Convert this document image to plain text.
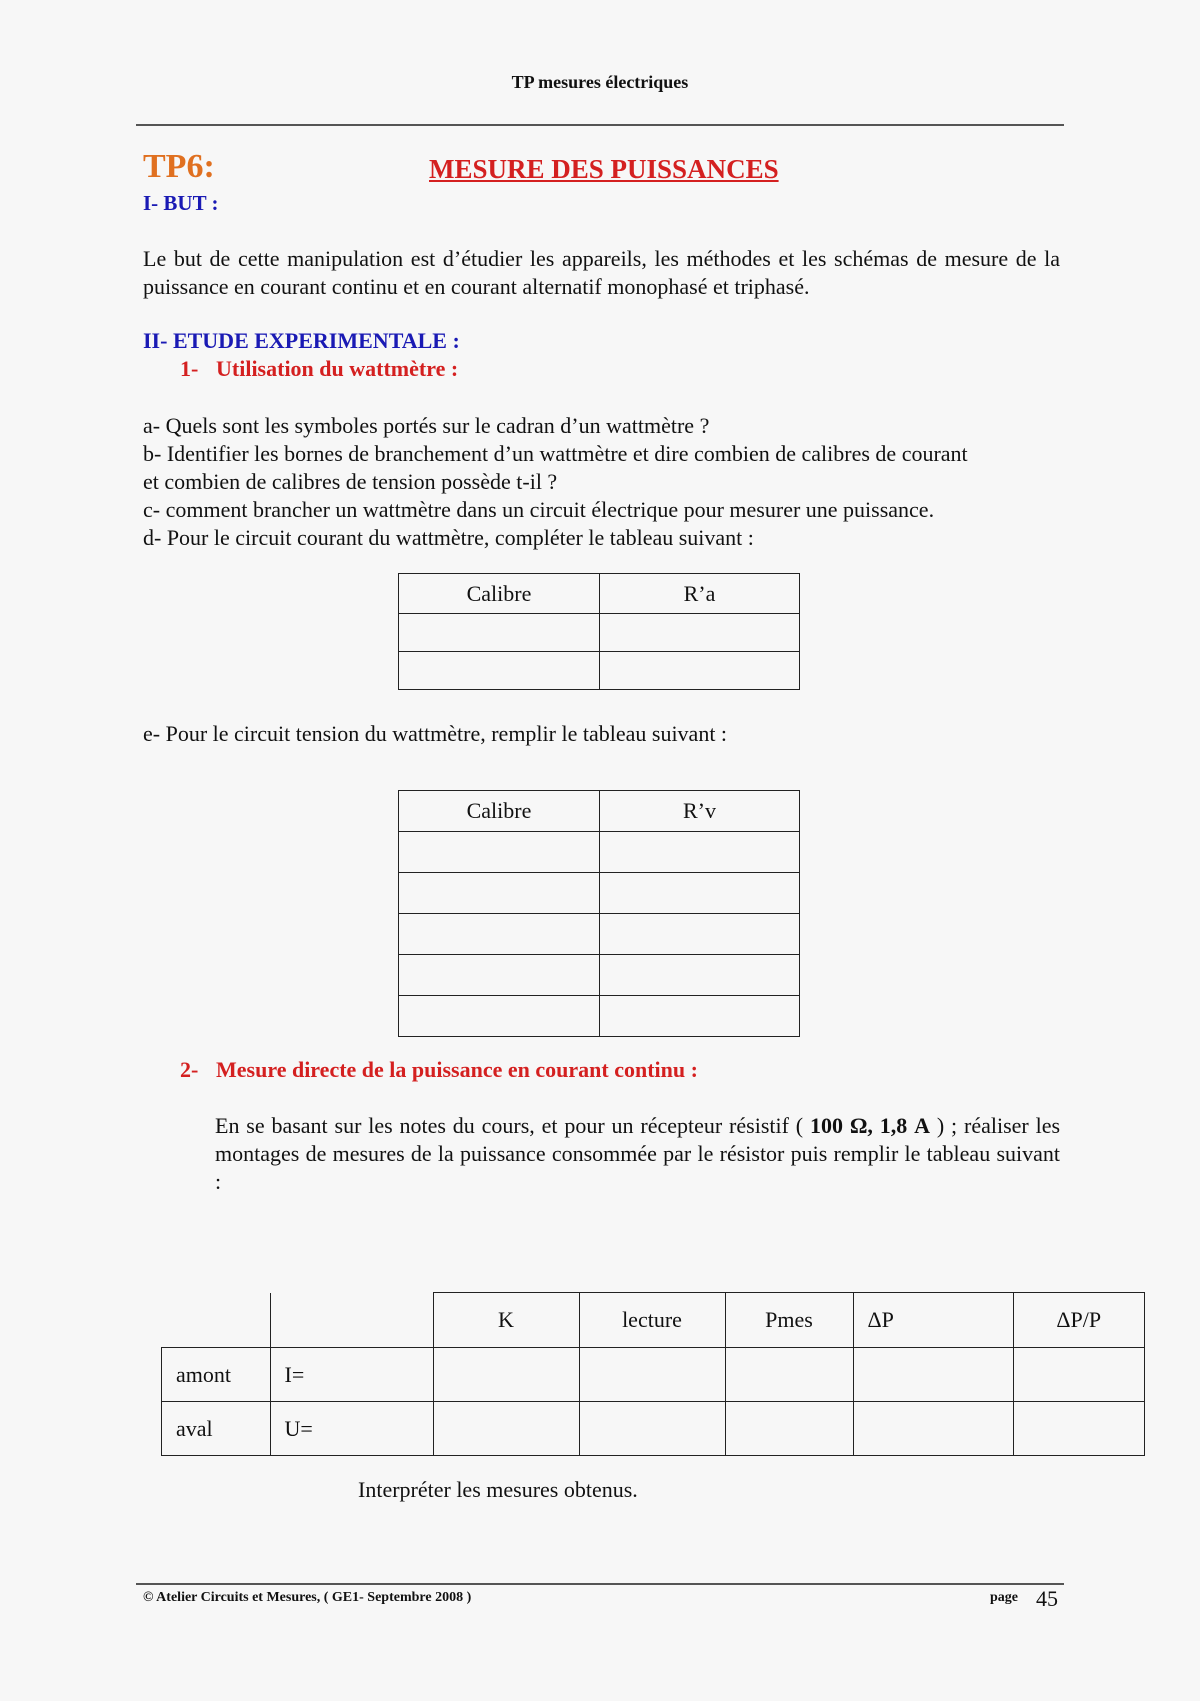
TP mesures électriques
TP6:	MESURE DES PUISSANCES
I- BUT :
Le but de cette manipulation est d’étudier les appareils, les méthodes et les schémas de mesure de la puissance en courant continu et en courant alternatif monophasé et triphasé.
II- ETUDE EXPERIMENTALE :
1- Utilisation du wattmètre :
a- Quels sont les symboles portés sur le cadran d’un wattmètre ?
b- Identifier les bornes de branchement d’un wattmètre et dire combien de calibres de courant
et combien de calibres de tension possède t-il ?
c- comment brancher un wattmètre dans un circuit électrique pour mesurer une puissance.
d- Pour le circuit courant du wattmètre, compléter le tableau suivant :
Calibre	R’a

e- Pour le circuit tension du wattmètre, remplir le tableau suivant :
Calibre	R’v

2- Mesure directe de la puissance en courant continu :
En se basant sur les notes du cours, et pour un récepteur résistif ( 100 Ω, 1,8 A ) ; réaliser les montages de mesures de la puissance consommée par le résistor puis remplir le tableau suivant :
		K	lecture	Pmes	ΔP	ΔP/P
amont	I=					
aval	U=					
Interpréter les mesures obtenus.
© Atelier Circuits et Mesures, ( GE1- Septembre 2008 )	page 45
